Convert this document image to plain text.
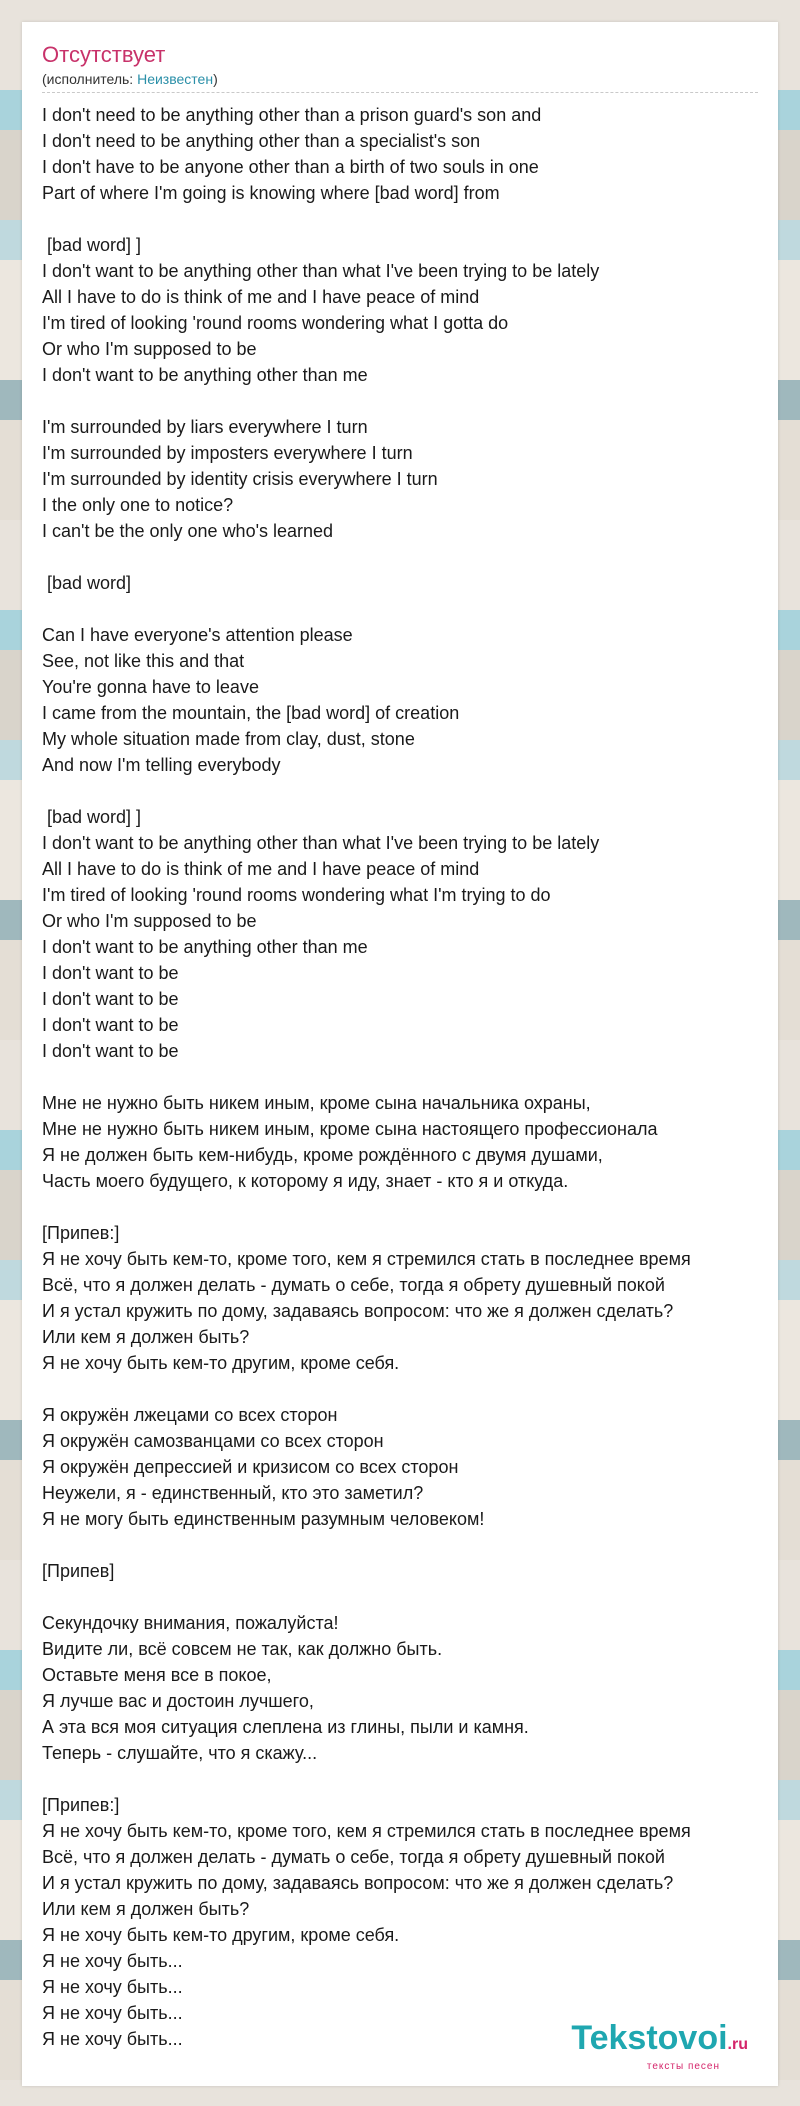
Отсутствует
(исполнитель: Неизвестен)
I don't need to be anything other than a prison guard's son and
I don't need to be anything other than a specialist's son
I don't have to be anyone other than a birth of two souls in one
Part of where I'm going is knowing where [bad word] from

[bad word] ]
I don't want to be anything other than what I've been trying to be lately
All I have to do is think of me and I have peace of mind
I'm tired of looking 'round rooms wondering what I gotta do
Or who I'm supposed to be
I don't want to be anything other than me

I'm surrounded by liars everywhere I turn
I'm surrounded by imposters everywhere I turn
I'm surrounded by identity crisis everywhere I turn
I the only one to notice?
I can't be the only one who's learned

[bad word]

Can I have everyone's attention please
See, not like this and that
You're gonna have to leave
I came from the mountain, the [bad word] of creation
My whole situation made from clay, dust, stone
And now I'm telling everybody

[bad word] ]
I don't want to be anything other than what I've been trying to be lately
All I have to do is think of me and I have peace of mind
I'm tired of looking 'round rooms wondering what I'm trying to do
Or who I'm supposed to be
I don't want to be anything other than me
I don't want to be
I don't want to be
I don't want to be
I don't want to be

Мне не нужно быть никем иным, кроме сына начальника охраны,
Мне не нужно быть никем иным, кроме сына настоящего профессионала
Я не должен быть кем-нибудь, кроме рождённого с двумя душами,
Часть моего будущего, к которому я иду, знает - кто я и откуда.

[Припев:]
Я не хочу быть кем-то, кроме того, кем я стремился стать в последнее время
Всё, что я должен делать - думать о себе, тогда я обрету душевный покой
И я устал кружить по дому, задаваясь вопросом: что же я должен сделать?
Или кем я должен быть?
Я не хочу быть кем-то другим, кроме себя.

Я окружён лжецами со всех сторон
Я окружён самозванцами со всех сторон
Я окружён депрессией и кризисом со всех сторон
Неужели, я - единственный, кто это заметил?
Я не могу быть единственным разумным человеком!

[Припев]

Секундочку внимания, пожалуйста!
Видите ли, всё совсем не так, как должно быть.
Оставьте меня все в покое,
Я лучше вас и достоин лучшего,
А эта вся моя ситуация слеплена из глины, пыли и камня.
Теперь - слушайте, что я скажу...

[Припев:]
Я не хочу быть кем-то, кроме того, кем я стремился стать в последнее время
Всё, что я должен делать - думать о себе, тогда я обрету душевный покой
И я устал кружить по дому, задаваясь вопросом: что же я должен сделать?
Или кем я должен быть?
Я не хочу быть кем-то другим, кроме себя.
Я не хочу быть...
Я не хочу быть...
Я не хочу быть...
Я не хочу быть...	Tekstovoi.ru
тексты песен
